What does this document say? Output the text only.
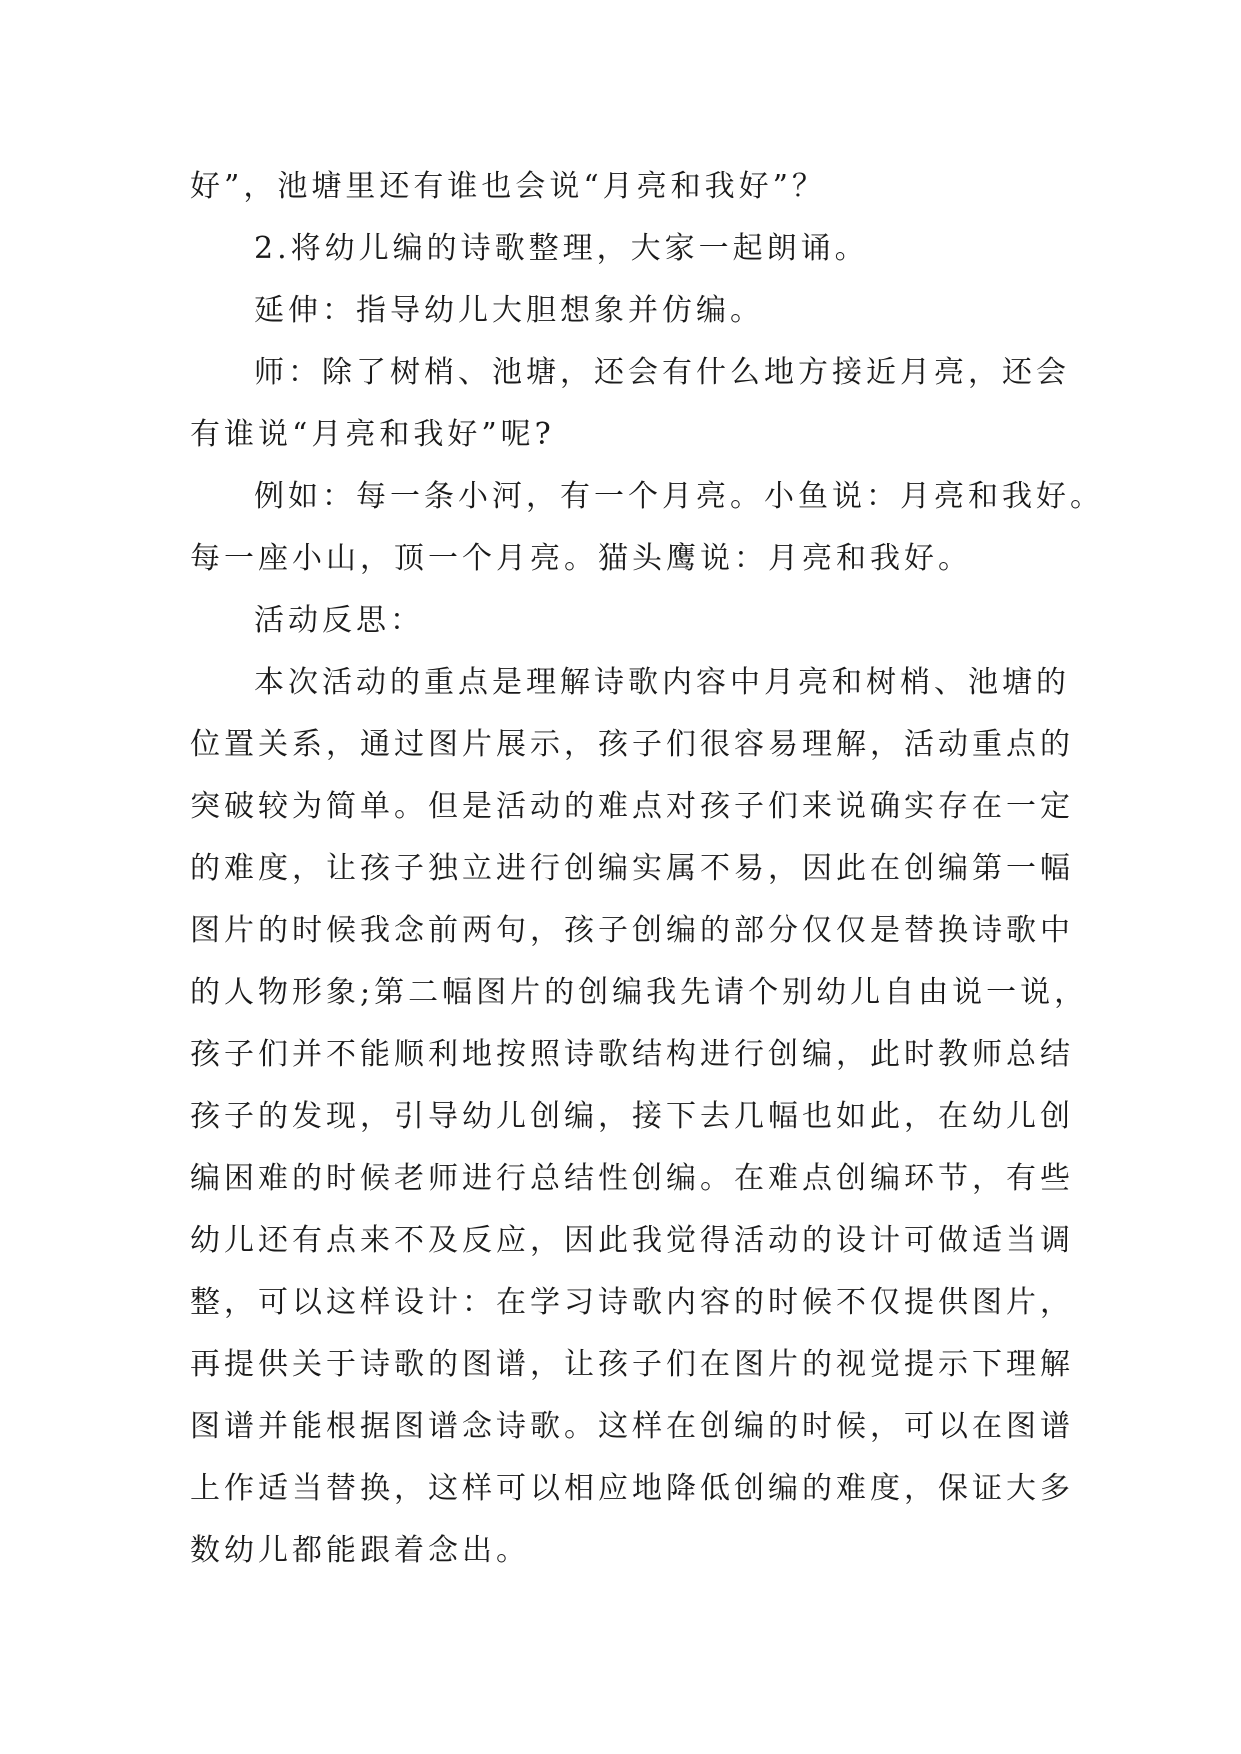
好”，池塘里还有谁也会说“月亮和我好”？
2.将幼儿编的诗歌整理，大家一起朗诵。
延伸：指导幼儿大胆想象并仿编。
师：除了树梢、池塘，还会有什么地方接近月亮，还会
有谁说“月亮和我好”呢?
例如：每一条小河，有一个月亮。小鱼说：月亮和我好。
每一座小山，顶一个月亮。猫头鹰说：月亮和我好。
活动反思：
本次活动的重点是理解诗歌内容中月亮和树梢、池塘的
位置关系，通过图片展示，孩子们很容易理解，活动重点的
突破较为简单。但是活动的难点对孩子们来说确实存在一定
的难度，让孩子独立进行创编实属不易，因此在创编第一幅
图片的时候我念前两句，孩子创编的部分仅仅是替换诗歌中
的人物形象;第二幅图片的创编我先请个别幼儿自由说一说，
孩子们并不能顺利地按照诗歌结构进行创编，此时教师总结
孩子的发现，引导幼儿创编，接下去几幅也如此，在幼儿创
编困难的时候老师进行总结性创编。在难点创编环节，有些
幼儿还有点来不及反应，因此我觉得活动的设计可做适当调
整，可以这样设计：在学习诗歌内容的时候不仅提供图片，
再提供关于诗歌的图谱，让孩子们在图片的视觉提示下理解
图谱并能根据图谱念诗歌。这样在创编的时候，可以在图谱
上作适当替换，这样可以相应地降低创编的难度，保证大多
数幼儿都能跟着念出。
